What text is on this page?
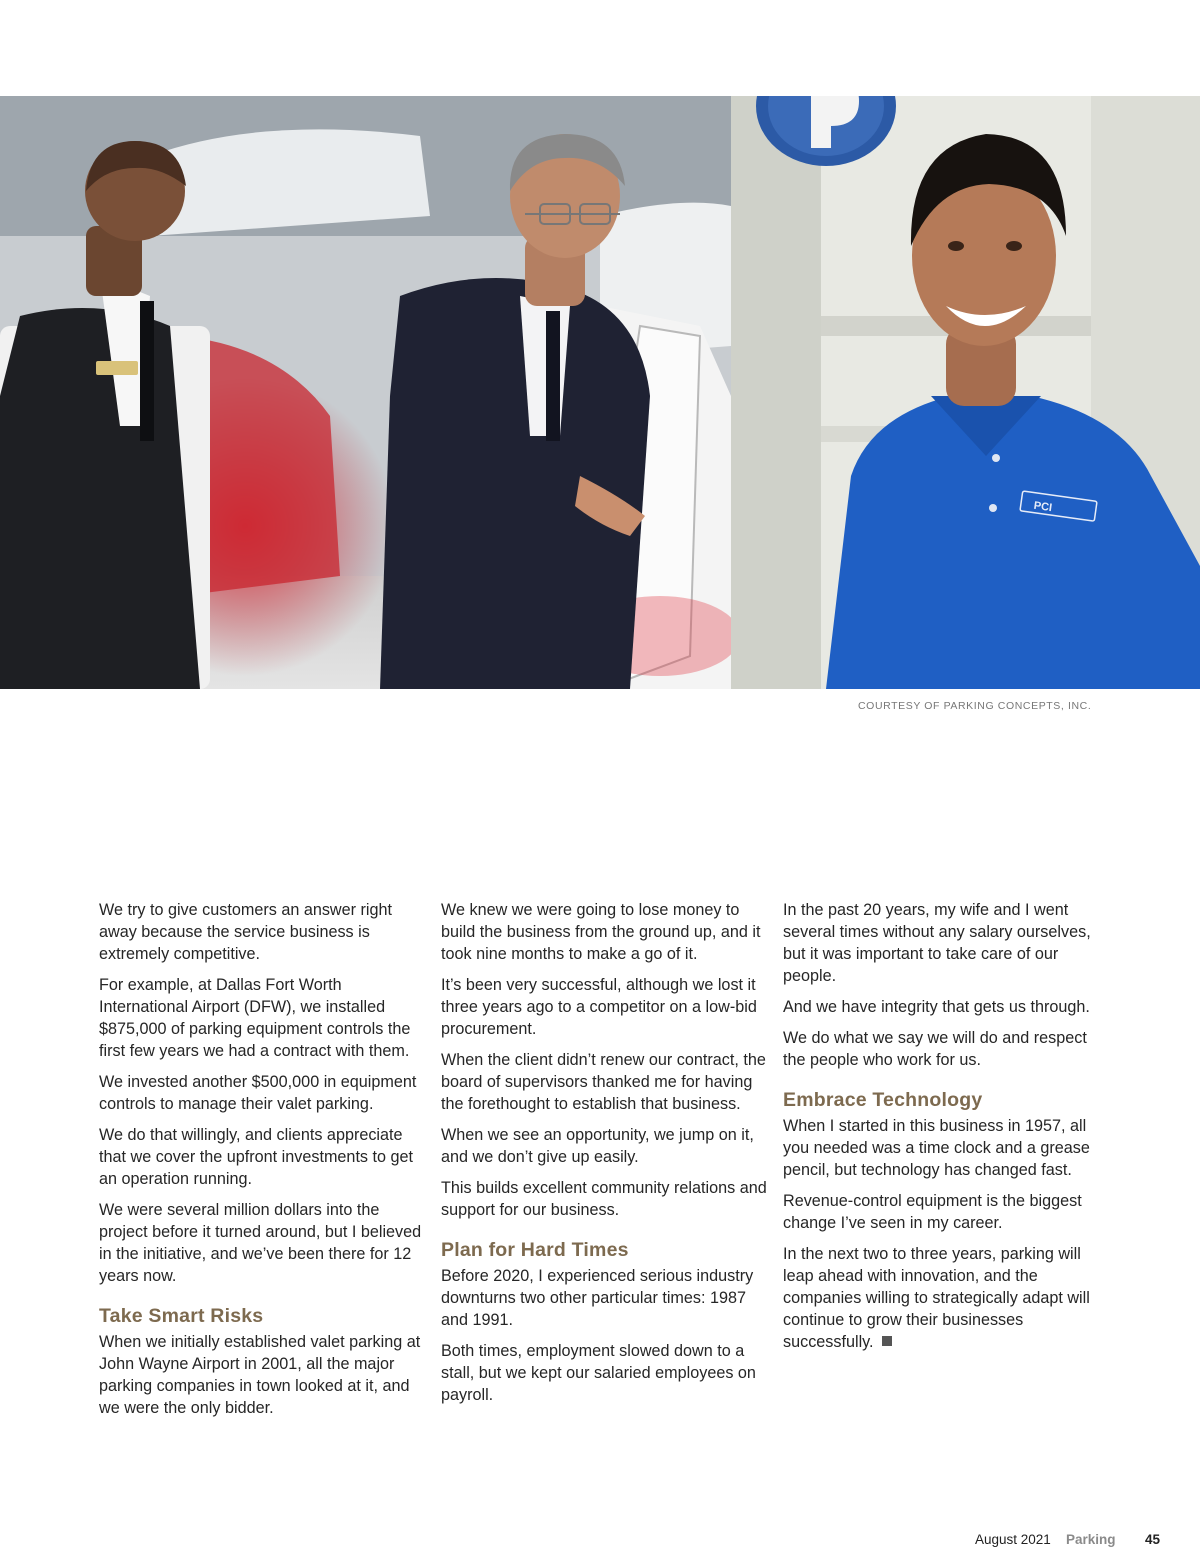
PCI
COURTESY OF PARKING CONCEPTS, INC.

We try to give customers an answer right away because the service business is extremely competitive.

For example, at Dallas Fort Worth International Airport (DFW), we installed $875,000 of parking equipment controls the first few years we had a contract with them.

We invested another $500,000 in equipment controls to manage their valet parking.

We do that willingly, and clients appreciate that we cover the upfront investments to get an operation running.

We were several million dollars into the project before it turned around, but I believed in the initiative, and we’ve been there for 12 years now.

Take Smart Risks

When we initially established valet parking at John Wayne Airport in 2001, all the major parking companies in town looked at it, and we were the only bidder.

We knew we were going to lose money to build the business from the ground up, and it took nine months to make a go of it.

It’s been very successful, although we lost it three years ago to a competitor on a low-bid procurement.

When the client didn’t renew our contract, the board of supervisors thanked me for having the forethought to establish that business.

When we see an opportunity, we jump on it, and we don’t give up easily.

This builds excellent community relations and support for our business.

Plan for Hard Times

Before 2020, I experienced serious industry downturns two other particular times: 1987 and 1991.

Both times, employment slowed down to a stall, but we kept our salaried employees on payroll.

In the past 20 years, my wife and I went several times without any salary ourselves, but it was important to take care of our people.

And we have integrity that gets us through.

We do what we say we will do and respect the people who work for us.

Embrace Technology

When I started in this business in 1957, all you needed was a time clock and a grease pencil, but technology has changed fast.

Revenue-control equipment is the biggest change I’ve seen in my career.

In the next two to three years, parking will leap ahead with innovation, and the companies willing to strategically adapt will continue to grow their businesses successfully.

August 2021 Parking 45
